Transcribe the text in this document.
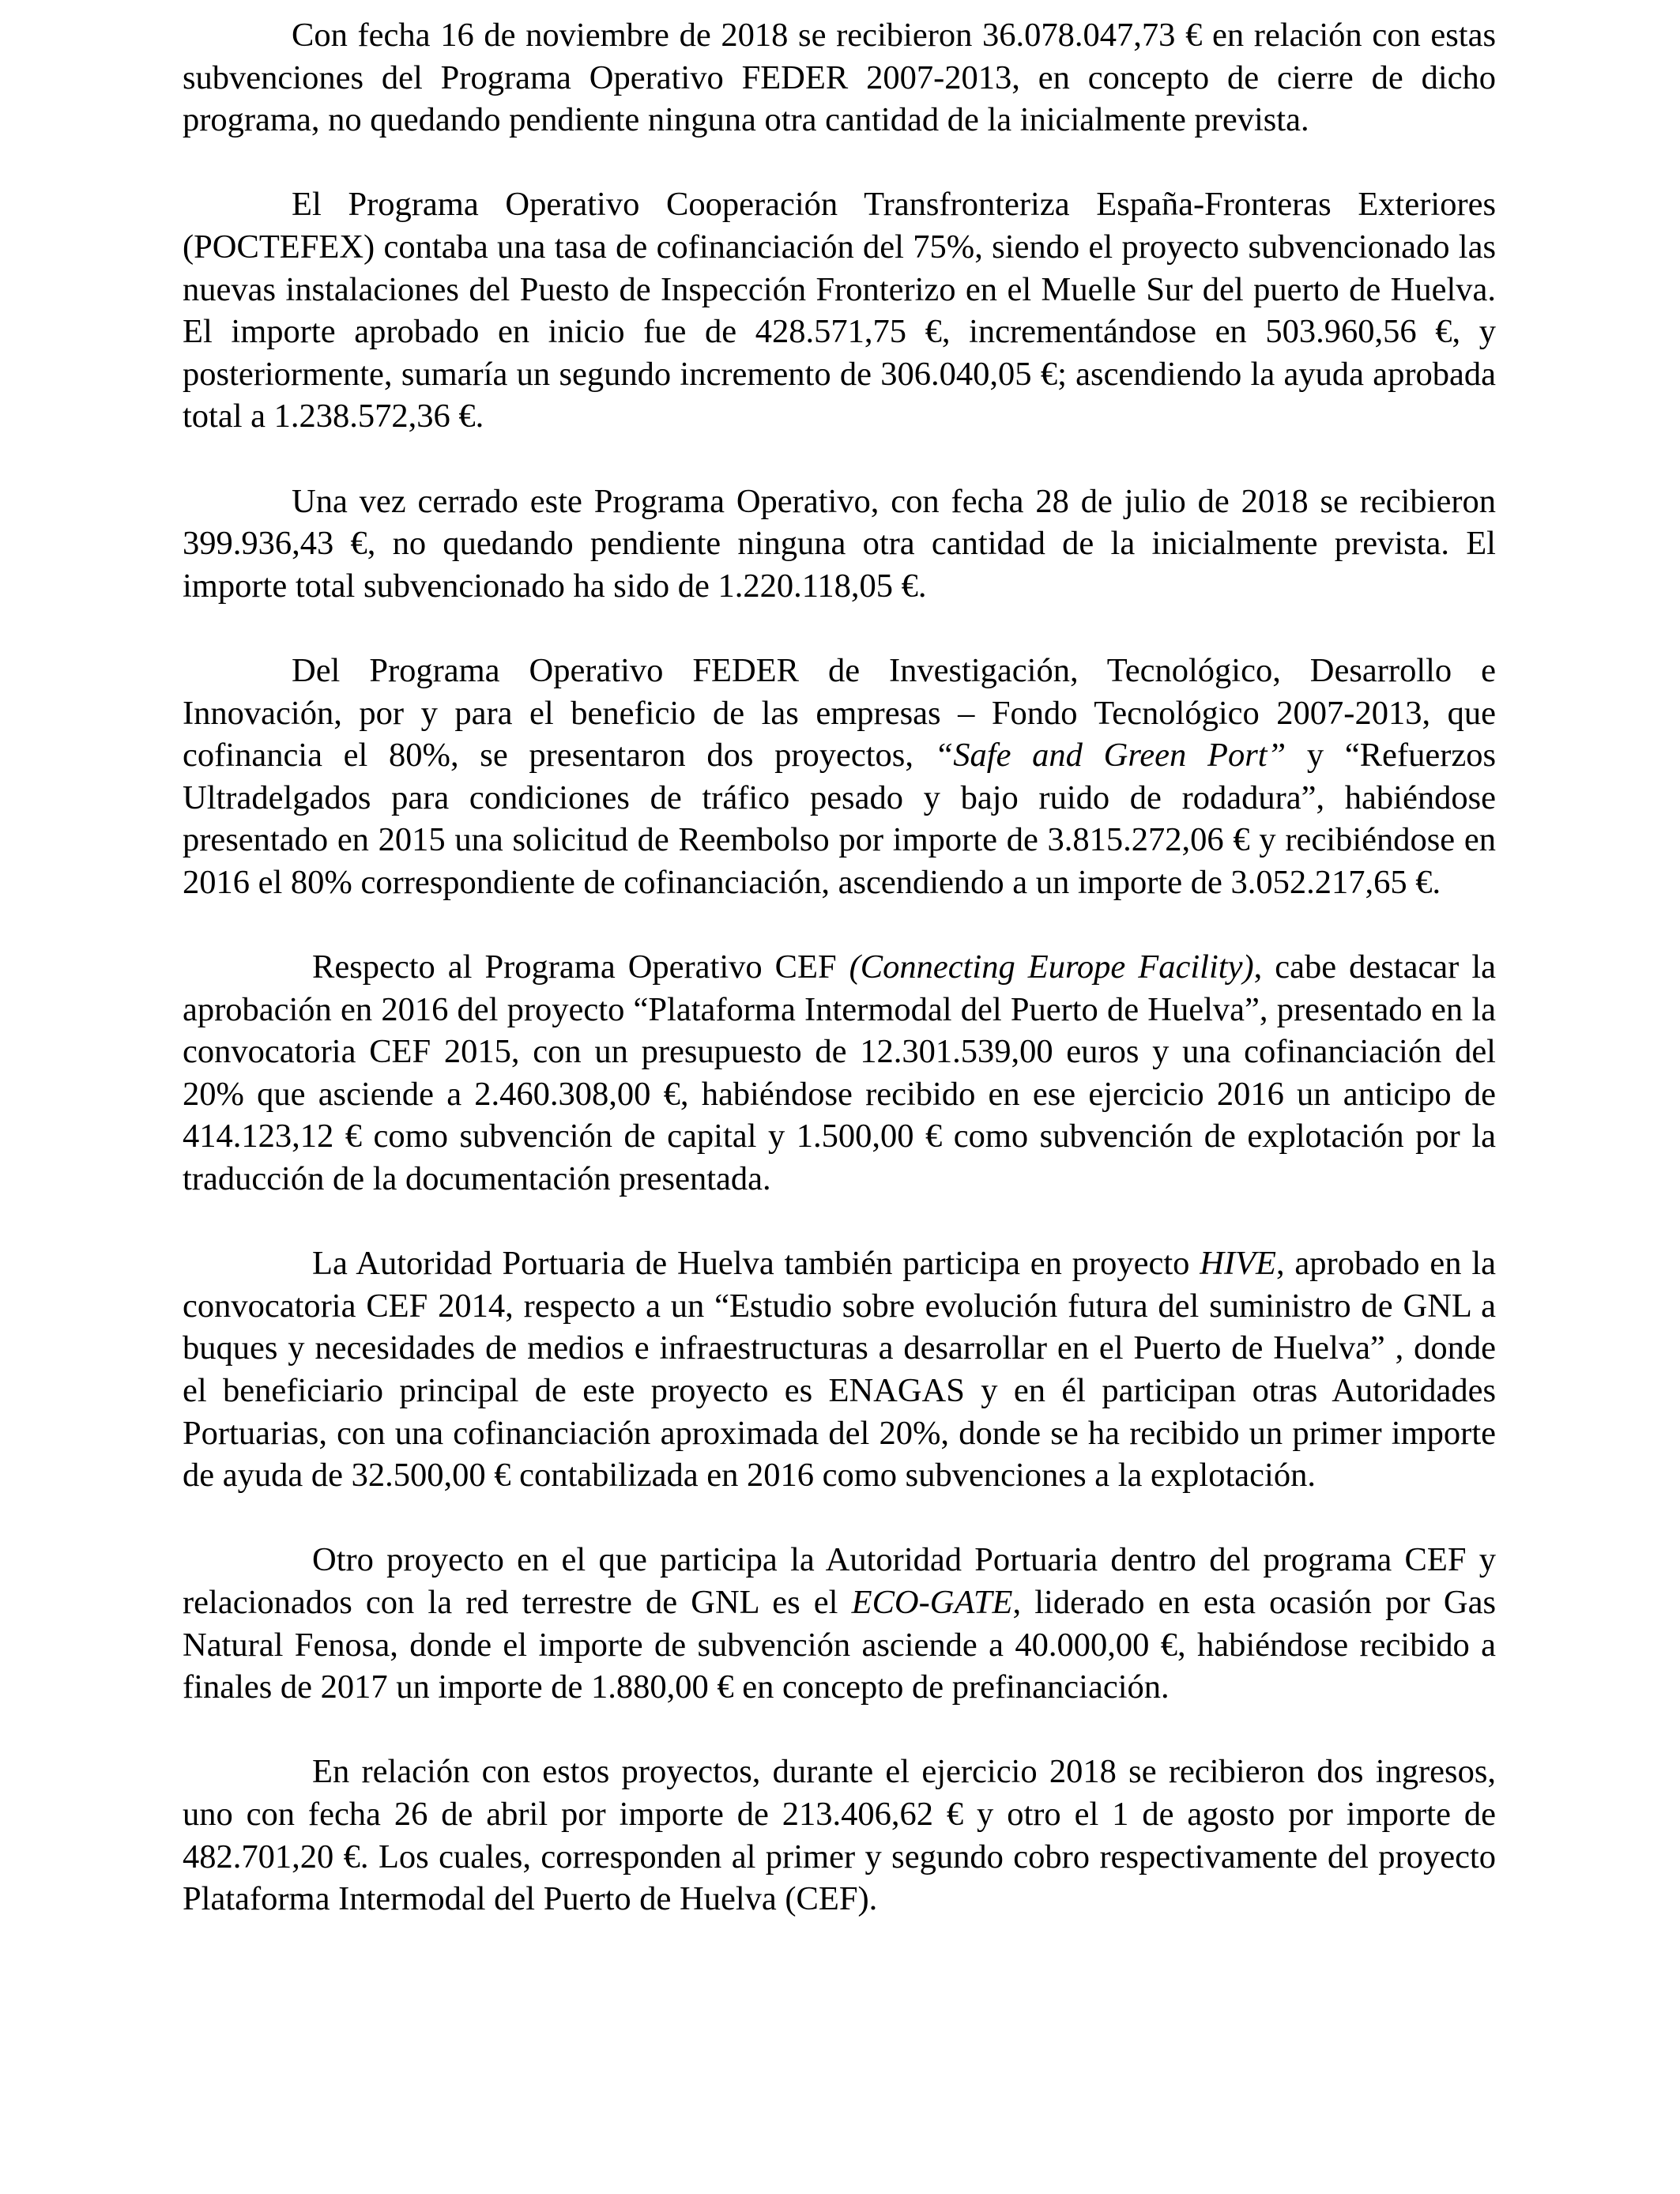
Con fecha 16 de noviembre de 2018 se recibieron 36.078.047,73 € en relación con estas subvenciones del Programa Operativo FEDER 2007-2013, en concepto de cierre de dicho programa, no quedando pendiente ninguna otra cantidad de la inicialmente prevista.

El Programa Operativo Cooperación Transfronteriza España-Fronteras Exteriores (POCTEFEX) contaba una tasa de cofinanciación del 75%, siendo el proyecto subvencionado las nuevas instalaciones del Puesto de Inspección Fronterizo en el Muelle Sur del puerto de Huelva. El importe aprobado en inicio fue de 428.571,75 €, incrementándose en 503.960,56 €, y posteriormente, sumaría un segundo incremento de 306.040,05 €; ascendiendo la ayuda aprobada total a 1.238.572,36 €.

Una vez cerrado este Programa Operativo, con fecha 28 de julio de 2018 se recibieron 399.936,43 €, no quedando pendiente ninguna otra cantidad de la inicialmente prevista. El importe total subvencionado ha sido de 1.220.118,05 €.

Del Programa Operativo FEDER de Investigación, Tecnológico, Desarrollo e Innovación, por y para el beneficio de las empresas – Fondo Tecnológico 2007-2013, que cofinancia el 80%, se presentaron dos proyectos, “Safe and Green Port” y “Refuerzos Ultradelgados para condiciones de tráfico pesado y bajo ruido de rodadura”, habiéndose presentado en 2015 una solicitud de Reembolso por importe de 3.815.272,06 € y recibiéndose en 2016 el 80% correspondiente de cofinanciación, ascendiendo a un importe de 3.052.217,65 €.

Respecto al Programa Operativo CEF (Connecting Europe Facility), cabe destacar la aprobación en 2016 del proyecto “Plataforma Intermodal del Puerto de Huelva”, presentado en la convocatoria CEF 2015, con un presupuesto de 12.301.539,00 euros y una cofinanciación del 20% que asciende a 2.460.308,00 €, habiéndose recibido en ese ejercicio 2016 un anticipo de 414.123,12 € como subvención de capital y 1.500,00 € como subvención de explotación por la traducción de la documentación presentada.

La Autoridad Portuaria de Huelva también participa en proyecto HIVE, aprobado en la convocatoria CEF 2014, respecto a un “Estudio sobre evolución futura del suministro de GNL a buques y necesidades de medios e infraestructuras a desarrollar en el Puerto de Huelva” , donde el beneficiario principal de este proyecto es ENAGAS y en él participan otras Autoridades Portuarias, con una cofinanciación aproximada del 20%, donde se ha recibido un primer importe de ayuda de 32.500,00 € contabilizada en 2016 como subvenciones a la explotación.

Otro proyecto en el que participa la Autoridad Portuaria dentro del programa CEF y relacionados con la red terrestre de GNL es el ECO-GATE, liderado en esta ocasión por Gas Natural Fenosa, donde el importe de subvención asciende a 40.000,00 €, habiéndose recibido a finales de 2017 un importe de 1.880,00 € en concepto de prefinanciación.

En relación con estos proyectos, durante el ejercicio 2018 se recibieron dos ingresos, uno con fecha 26 de abril por importe de 213.406,62 € y otro el 1 de agosto por importe de 482.701,20 €. Los cuales, corresponden al primer y segundo cobro respectivamente del proyecto Plataforma Intermodal del Puerto de Huelva (CEF).
